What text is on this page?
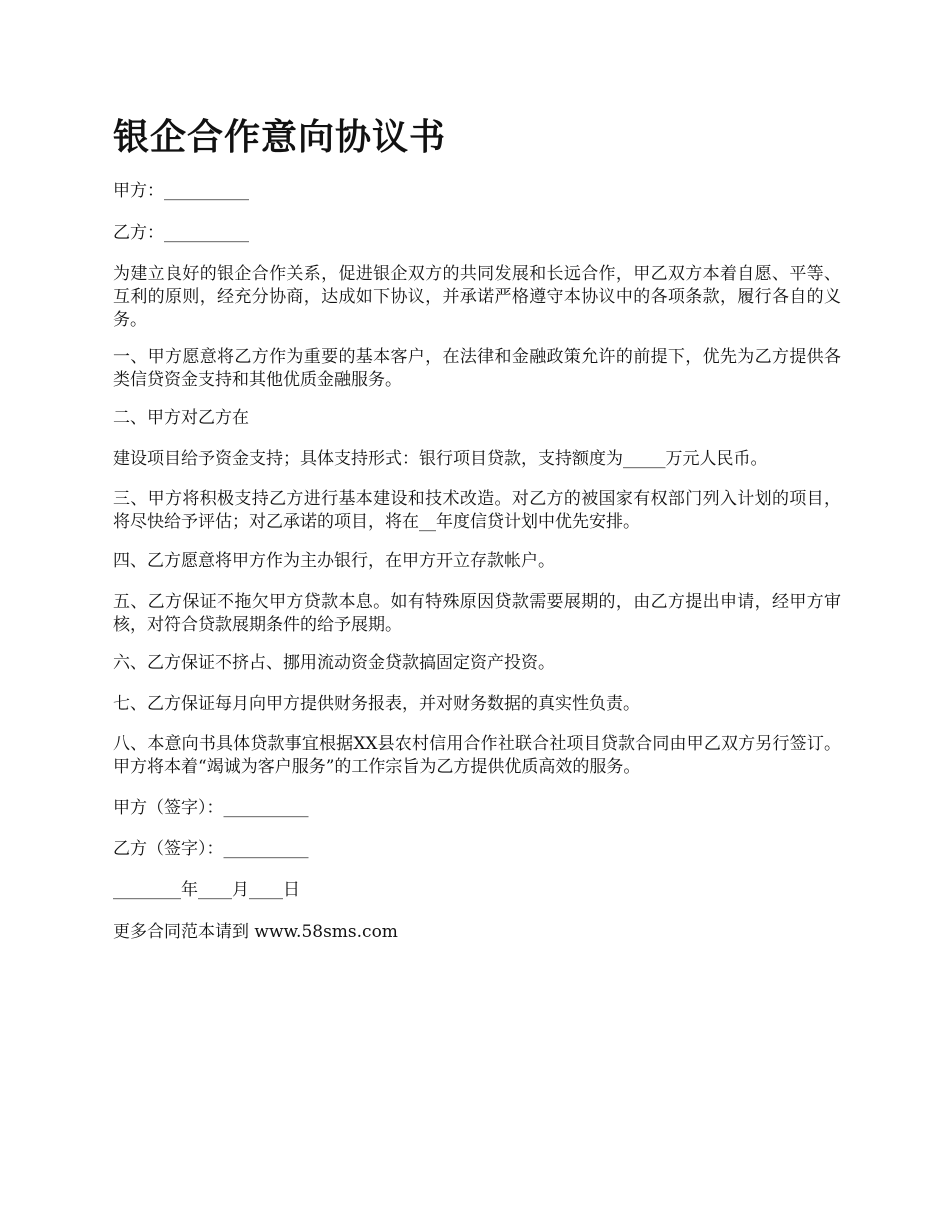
银企合作意向协议书

甲方：__________

乙方：__________

为建立良好的银企合作关系，促进银企双方的共同发展和长远合作，甲乙双方本着自愿、平等、互利的原则，经充分协商，达成如下协议，并承诺严格遵守本协议中的各项条款，履行各自的义务。

一、甲方愿意将乙方作为重要的基本客户，在法律和金融政策允许的前提下，优先为乙方提供各类信贷资金支持和其他优质金融服务。

二、甲方对乙方在

建设项目给予资金支持；具体支持形式：银行项目贷款，支持额度为_____万元人民币。

三、甲方将积极支持乙方进行基本建设和技术改造。对乙方的被国家有权部门列入计划的项目，将尽快给予评估；对乙承诺的项目，将在__年度信贷计划中优先安排。

四、乙方愿意将甲方作为主办银行，在甲方开立存款帐户。

五、乙方保证不拖欠甲方贷款本息。如有特殊原因贷款需要展期的，由乙方提出申请，经甲方审核，对符合贷款展期条件的给予展期。

六、乙方保证不挤占、挪用流动资金贷款搞固定资产投资。

七、乙方保证每月向甲方提供财务报表，并对财务数据的真实性负责。

八、本意向书具体贷款事宜根据XX县农村信用合作社联合社项目贷款合同由甲乙双方另行签订。甲方将本着“竭诚为客户服务”的工作宗旨为乙方提供优质高效的服务。

甲方（签字）：__________

乙方（签字）：__________

________年____月____日

更多合同范本请到 www.58sms.com
